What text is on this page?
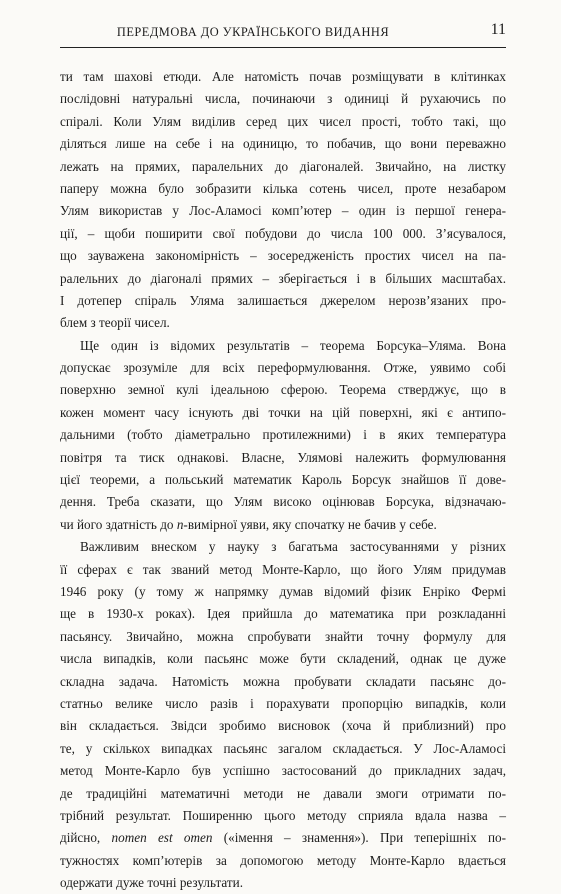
ПЕРЕДМОВА ДО УКРАЇНСЬКОГО ВИДАННЯ	11
ти там шахові етюди. Але натомість почав розміщувати в клітинках
послідовні натуральні числа, починаючи з одиниці й рухаючись по
спіралі. Коли Улям виділив серед цих чисел прості, тобто такі, що
діляться лише на себе і на одиницю, то побачив, що вони переважно
лежать на прямих, паралельних до діагоналей. Звичайно, на листку
паперу можна було зобразити кілька сотень чисел, проте незабаром
Улям використав у Лос-Аламосі комп’ютер – один із першої генера-
ції, – щоби поширити свої побудови до числа 100 000. З’ясувалося,
що зауважена закономірність – зосередженість простих чисел на па-
ралельних до діагоналі прямих – зберігається і в більших масштабах.
І дотепер спіраль Уляма залишається джерелом нерозв’язаних про-
блем з теорії чисел.
Ще один із відомих результатів – теорема Борсука–Уляма. Вона
допускає зрозуміле для всіх переформулювання. Отже, уявимо собі
поверхню земної кулі ідеальною сферою. Теорема стверджує, що в
кожен момент часу існують дві точки на цій поверхні, які є антипо-
дальними (тобто діаметрально протилежними) і в яких температура
повітря та тиск однакові. Власне, Улямові належить формулювання
цієї теореми, а польський математик Кароль Борсук знайшов її дове-
дення. Треба сказати, що Улям високо оцінював Борсука, відзначаю-
чи його здатність до n-вимірної уяви, яку спочатку не бачив у себе.
Важливим внеском у науку з багатьма застосуваннями у різних
її сферах є так званий метод Монте-Карло, що його Улям придумав
1946 року (у тому ж напрямку думав відомий фізик Енріко Фермі
ще в 1930-х роках). Ідея прийшла до математика при розкладанні
пасьянсу. Звичайно, можна спробувати знайти точну формулу для
числа випадків, коли пасьянс може бути складений, однак це дуже
складна задача. Натомість можна пробувати складати пасьянс до-
статньо велике число разів і порахувати пропорцію випадків, коли
він складається. Звідси зробимо висновок (хоча й приблизний) про
те, у скількох випадках пасьянс загалом складається. У Лос-Аламосі
метод Монте-Карло був успішно застосований до прикладних задач,
де традиційні математичні методи не давали змоги отримати по-
трібний результат. Поширенню цього методу сприяла вдала назва –
дійсно, nomen est omen («імення – знамення»). При теперішніх по-
тужностях комп’ютерів за допомогою методу Монте-Карло вдається
одержати дуже точні результати.
